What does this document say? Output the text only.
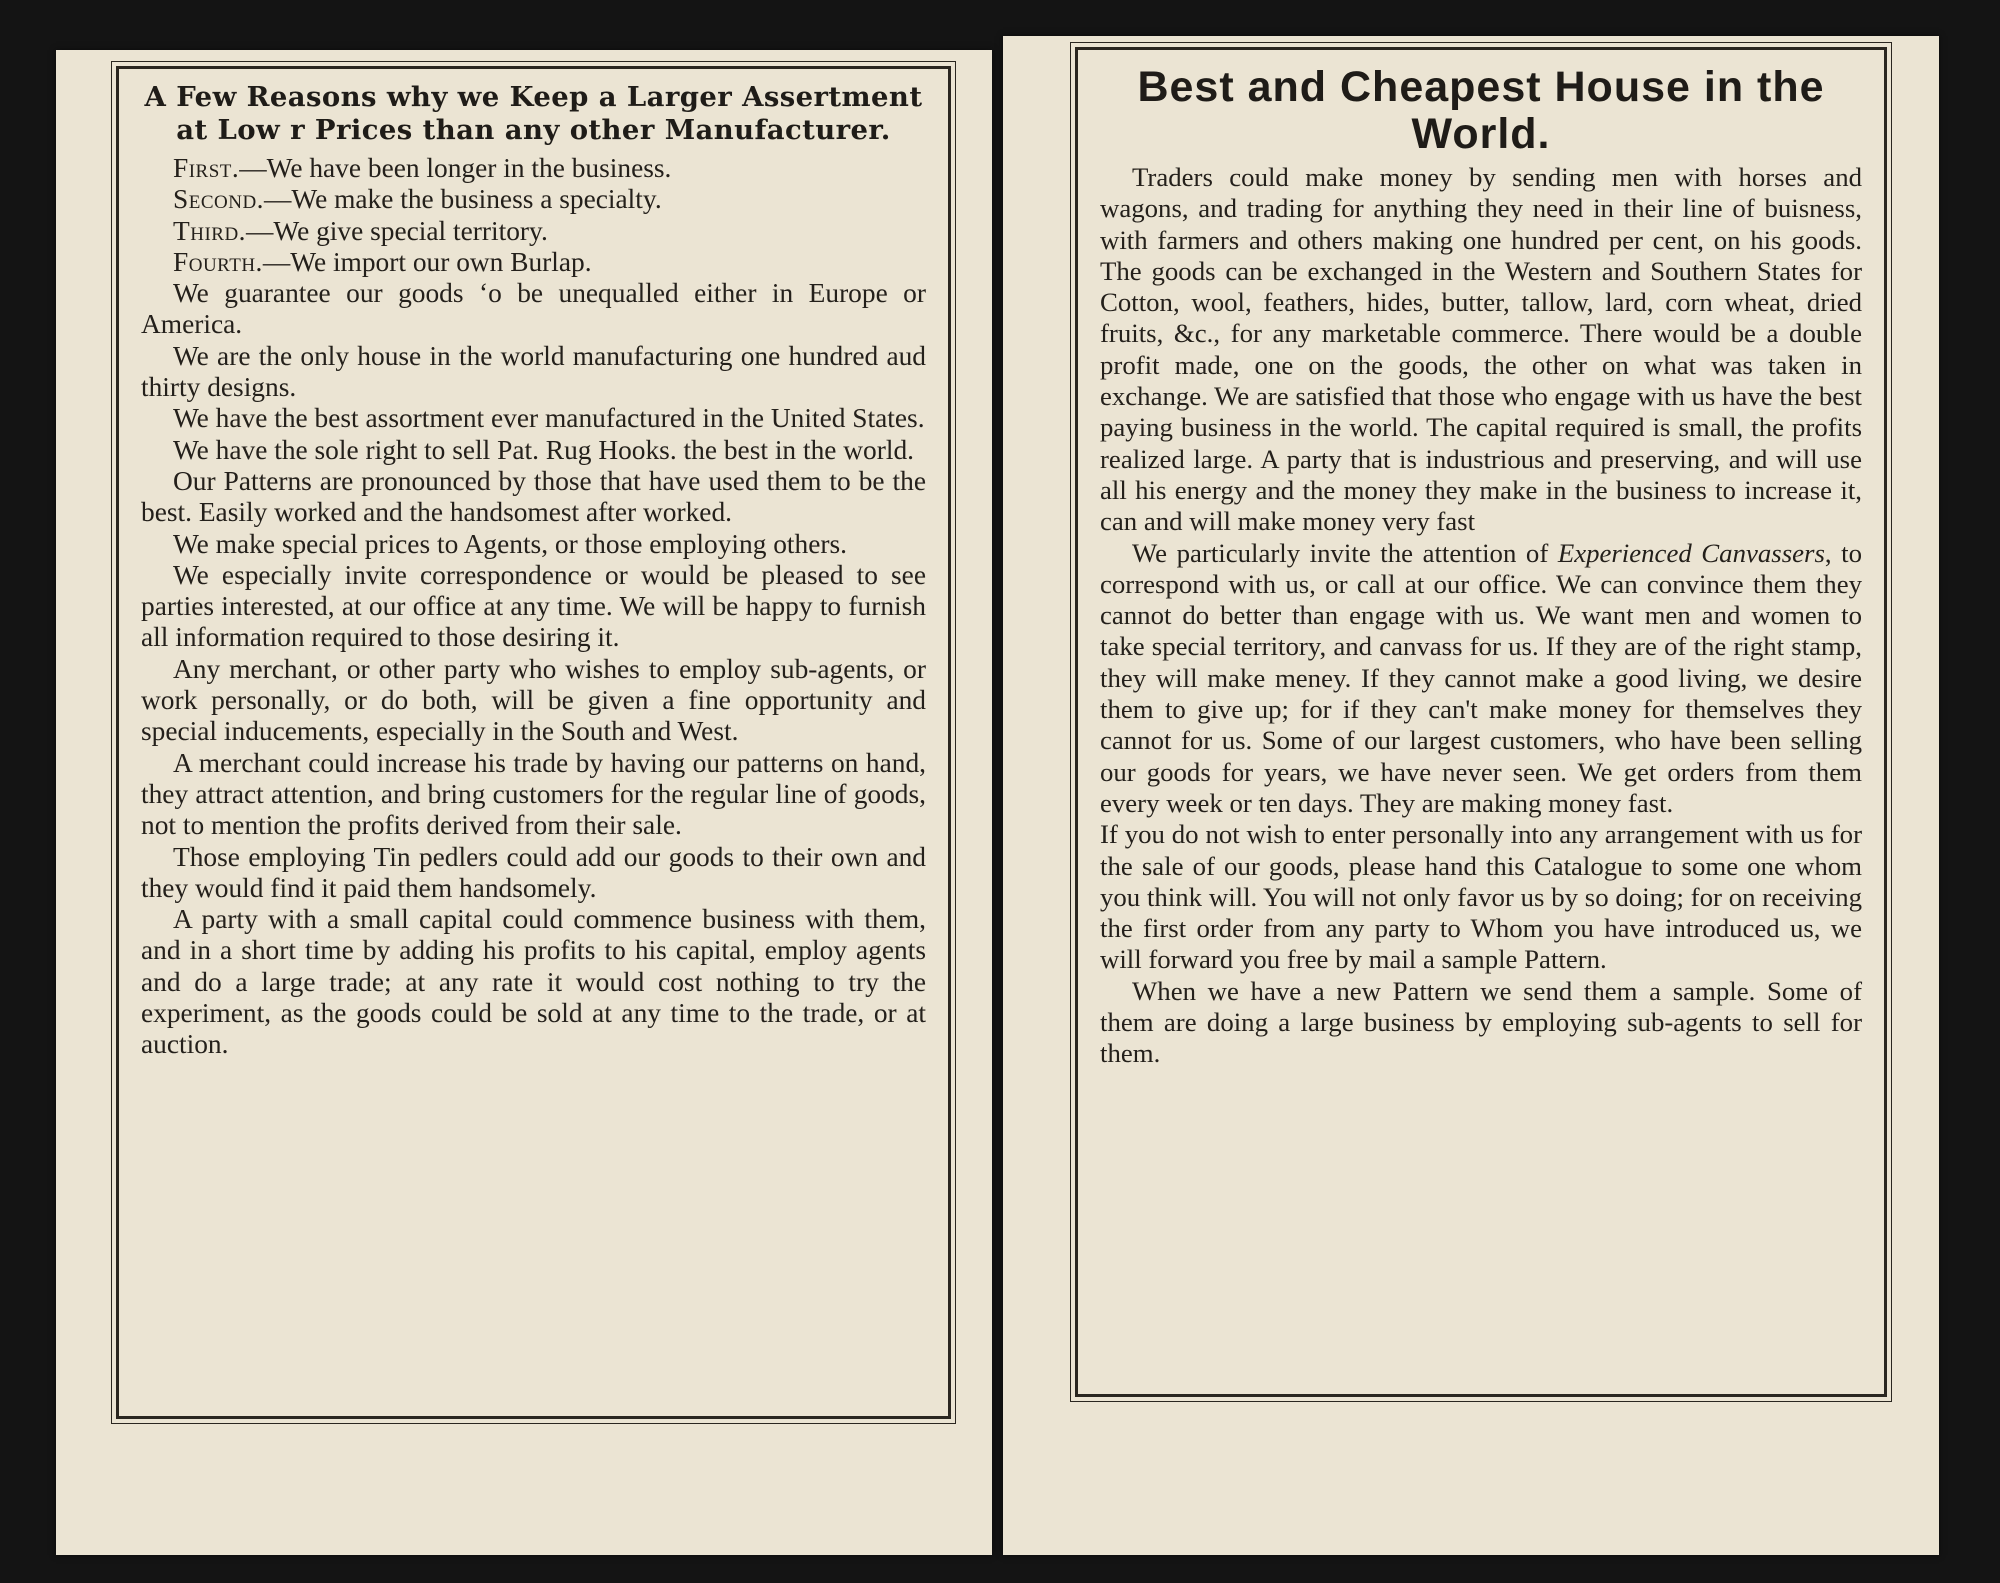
A Few Reasons why we Keep a Larger Assertment at Low r Prices than any other Manufacturer.

First.—We have been longer in the business.

Second.—We make the business a specialty.

Third.—We give special territory.

Fourth.—We import our own Burlap.

We guarantee our goods ʻo be unequalled either in Europe or America.

We are the only house in the world manufacturing one hundred aud thirty designs.

We have the best assortment ever manufactured in the United States.

We have the sole right to sell Pat. Rug Hooks. the best in the world.

Our Patterns are pronounced by those that have used them to be the best. Easily worked and the handsomest after worked.

We make special prices to Agents, or those employing others.

We especially invite correspondence or would be pleased to see parties interested, at our office at any time. We will be happy to furnish all information required to those desiring it.

Any merchant, or other party who wishes to employ sub-agents, or work personally, or do both, will be given a fine opportunity and special inducements, especially in the South and West.

A merchant could increase his trade by having our patterns on hand, they attract attention, and bring customers for the regular line of goods, not to mention the profits derived from their sale.

Those employing Tin pedlers could add our goods to their own and they would find it paid them handsomely.

A party with a small capital could commence business with them, and in a short time by adding his profits to his capital, employ agents and do a large trade; at any rate it would cost nothing to try the experiment, as the goods could be sold at any time to the trade, or at auction.

Best and Cheapest House in the World.

Traders could make money by sending men with horses and wagons, and trading for anything they need in their line of buisness, with farmers and others making one hundred per cent, on his goods. The goods can be exchanged in the Western and Southern States for Cotton, wool, feathers, hides, butter, tallow, lard, corn wheat, dried fruits, &c., for any marketable commerce. There would be a double profit made, one on the goods, the other on what was taken in exchange. We are satisfied that those who engage with us have the best paying business in the world. The capital required is small, the profits realized large. A party that is industrious and preserving, and will use all his energy and the money they make in the business to increase it, can and will make money very fast

We particularly invite the attention of Experienced Canvassers, to correspond with us, or call at our office. We can convince them they cannot do better than engage with us. We want men and women to take special territory, and canvass for us. If they are of the right stamp, they will make meney. If they cannot make a good living, we desire them to give up; for if they can't make money for themselves they cannot for us. Some of our largest customers, who have been selling our goods for years, we have never seen. We get orders from them every week or ten days. They are making money fast.

If you do not wish to enter personally into any arrangement with us for the sale of our goods, please hand this Catalogue to some one whom you think will. You will not only favor us by so doing; for on receiving the first order from any party to Whom you have introduced us, we will forward you free by mail a sample Pattern.

When we have a new Pattern we send them a sample. Some of them are doing a large business by employing sub-agents to sell for them.
